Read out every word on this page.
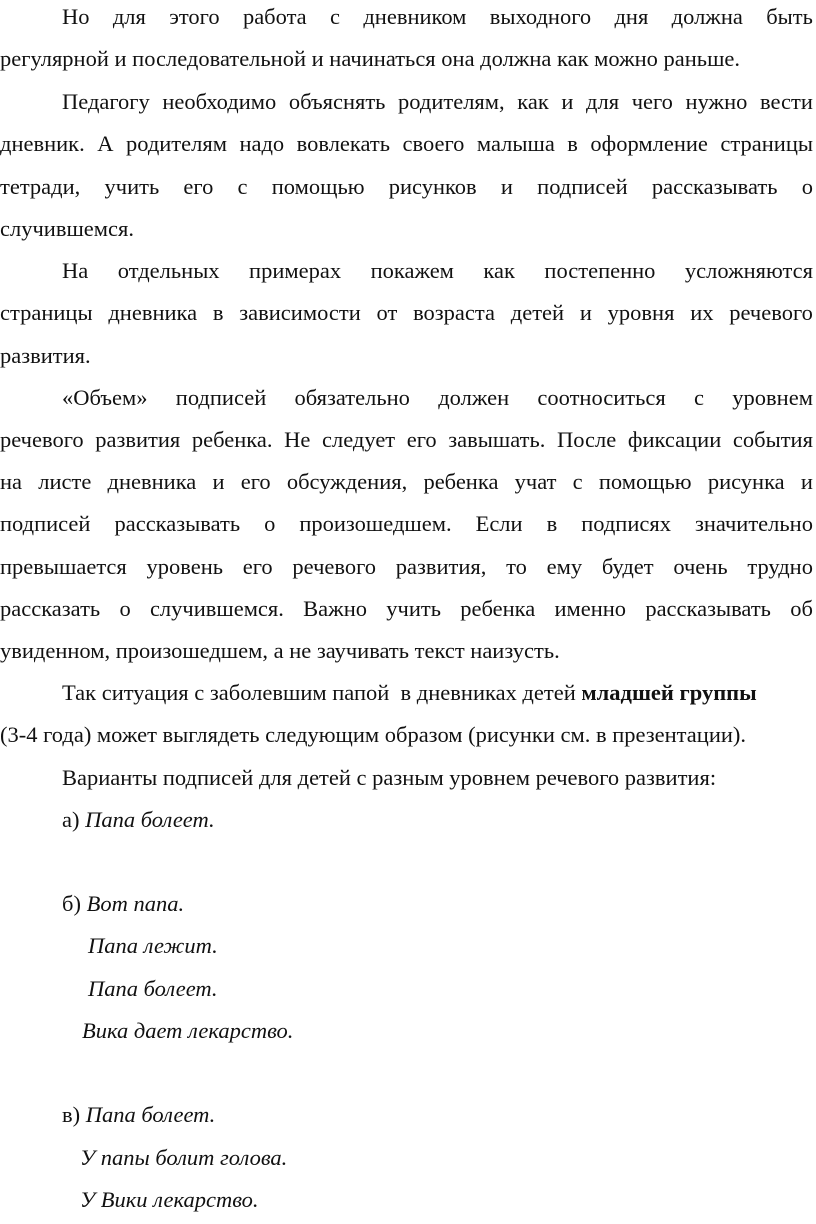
Но для этого работа с дневником выходного дня должна быть
регулярной и последовательной и начинаться она должна как можно раньше.
Педагогу необходимо объяснять родителям, как и для чего нужно вести
дневник. А родителям надо вовлекать своего малыша в оформление страницы
тетради, учить его с помощью рисунков и подписей рассказывать о
случившемся.
На отдельных примерах покажем как постепенно усложняются
страницы дневника в зависимости от возраста детей и уровня их речевого
развития.
«Объем» подписей обязательно должен соотноситься с уровнем
речевого развития ребенка. Не следует его завышать. После фиксации события
на листе дневника и его обсуждения, ребенка учат с помощью рисунка и
подписей рассказывать о произошедшем. Если в подписях значительно
превышается уровень его речевого развития, то ему будет очень трудно
рассказать о случившемся. Важно учить ребенка именно рассказывать об
увиденном, произошедшем, а не заучивать текст наизусть.
Так ситуация с заболевшим папой  в дневниках детей младшей группы
(3-4 года) может выглядеть следующим образом (рисунки см. в презентации).
Варианты подписей для детей с разным уровнем речевого развития:
а) Папа болеет.
б) Вот папа.
Папа лежит.
Папа болеет.
Вика дает лекарство.
в) Папа болеет.
У папы болит голова.
У Вики лекарство.
